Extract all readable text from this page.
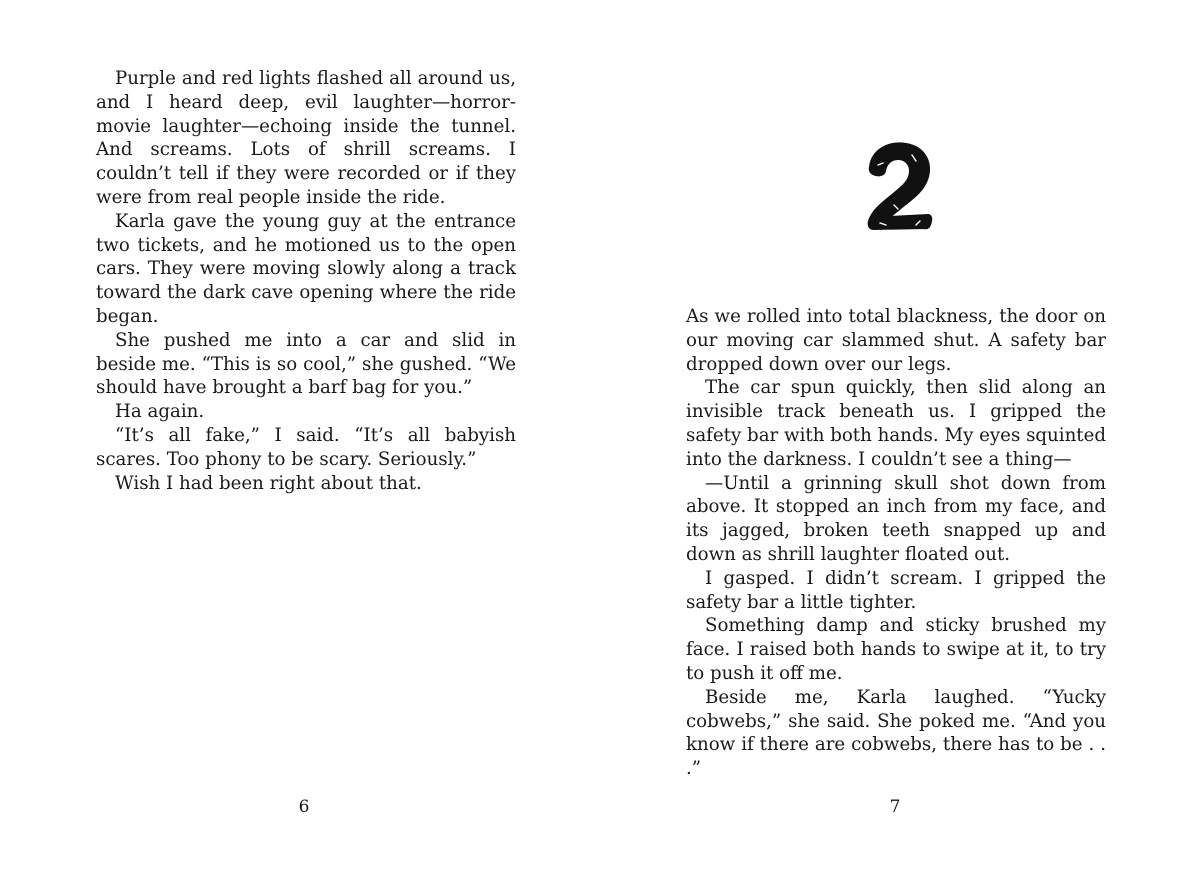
Purple and red lights flashed all around us, and I heard deep, evil laughter—horror-movie laughter—echoing inside the tunnel. And screams. Lots of shrill screams. I couldn’t tell if they were recorded or if they were from real people inside the ride.

Karla gave the young guy at the entrance two tickets, and he motioned us to the open cars. They were moving slowly along a track toward the dark cave opening where the ride began.

She pushed me into a car and slid in beside me. “This is so cool,” she gushed. “We should have brought a barf bag for you.”

Ha again.

“It’s all fake,” I said. “It’s all babyish scares. Too phony to be scary. Seriously.”

Wish I had been right about that.

6

As we rolled into total blackness, the door on our moving car slammed shut. A safety bar dropped down over our legs.

The car spun quickly, then slid along an invisible track beneath us. I gripped the safety bar with both hands. My eyes squinted into the darkness. I couldn’t see a thing—

—Until a grinning skull shot down from above. It stopped an inch from my face, and its jagged, broken teeth snapped up and down as shrill laughter floated out.

I gasped. I didn’t scream. I gripped the safety bar a little tighter.

Something damp and sticky brushed my face. I raised both hands to swipe at it, to try to push it off me.

Beside me, Karla laughed. “Yucky cobwebs,” she said. She poked me. “And you know if there are cobwebs, there has to be . . .”

7
